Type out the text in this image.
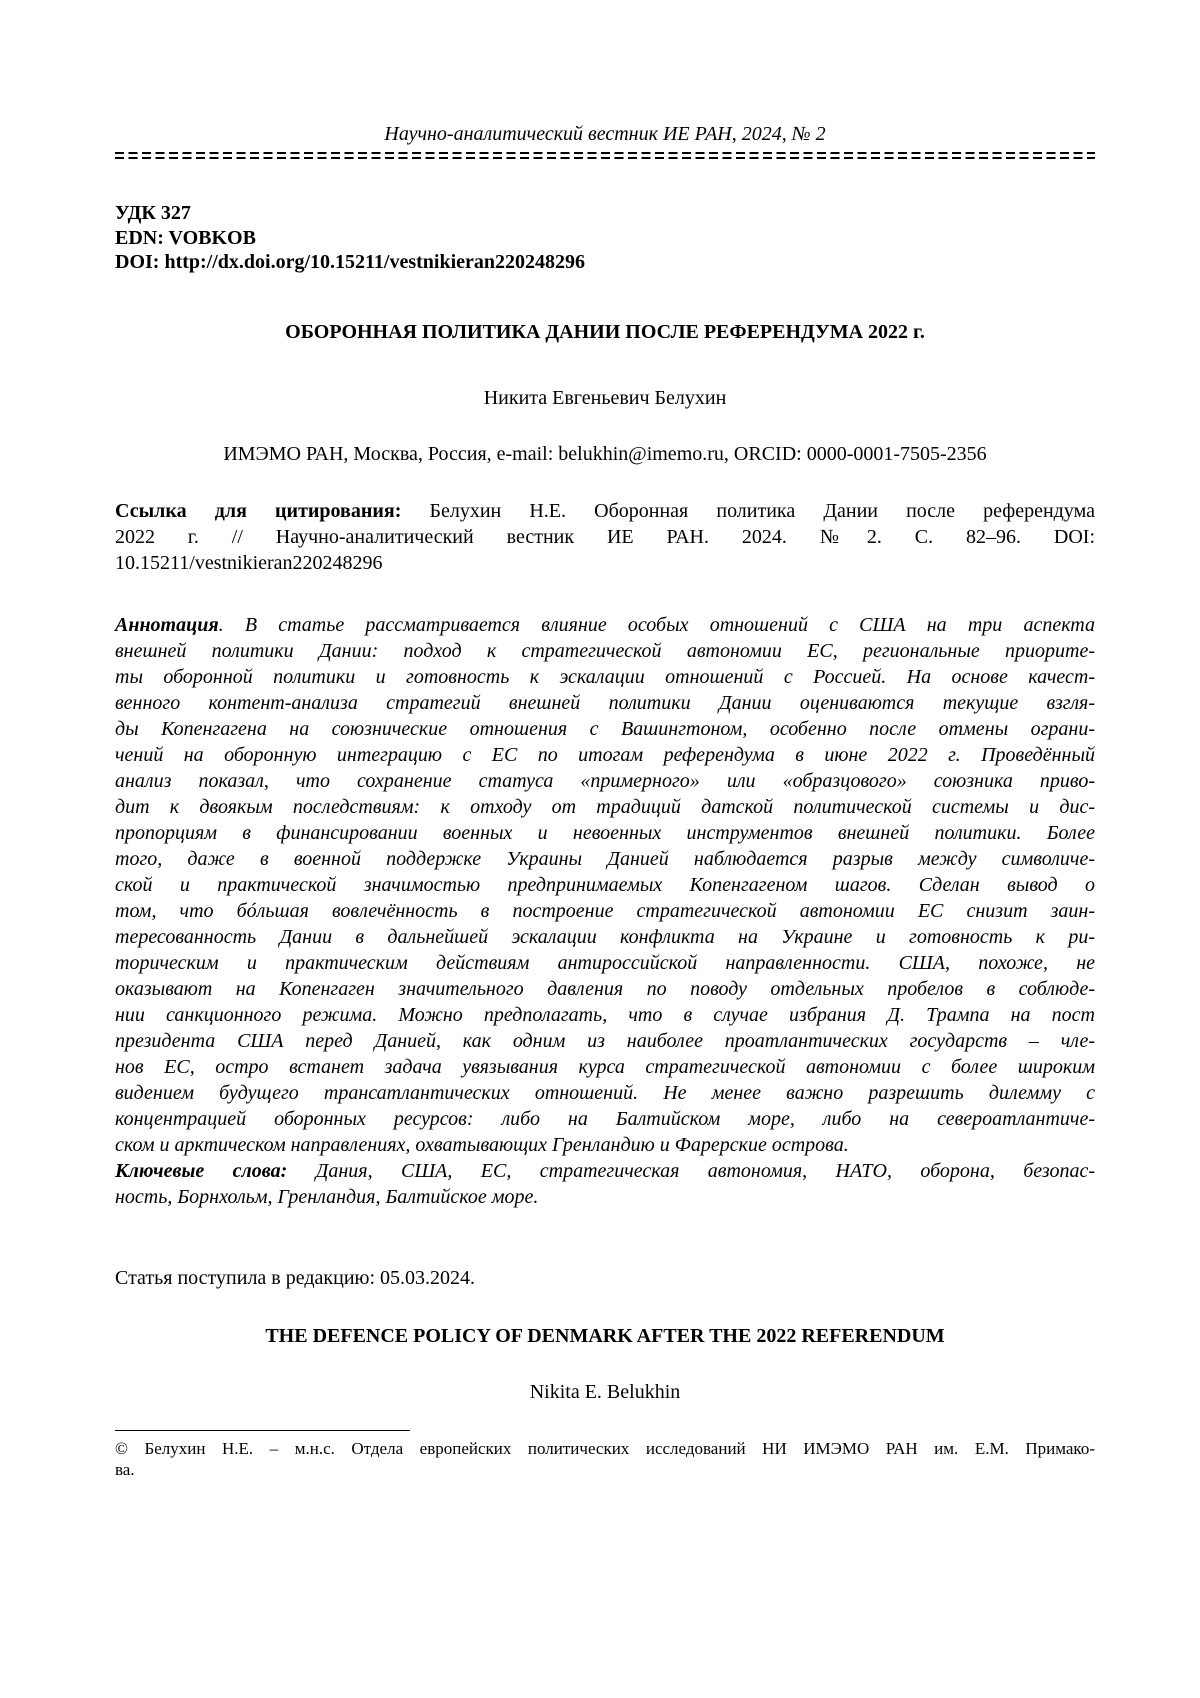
Научно-аналитический вестник ИЕ РАН, 2024, № 2
УДК 327
EDN: VOBKOB
DOI: http://dx.doi.org/10.15211/vestnikieran220248296
ОБОРОННАЯ ПОЛИТИКА ДАНИИ ПОСЛЕ РЕФЕРЕНДУМА 2022 г.
Никита Евгеньевич Белухин
ИМЭМО РАН, Москва, Россия, e-mail: belukhin@imemo.ru, ORCID: 0000-0001-7505-2356
Ссылка для цитирования: Белухин Н.Е. Оборонная политика Дании после референдума
2022 г. // Научно-аналитический вестник ИЕ РАН. 2024. №2. С. 82–96. DOI:
10.15211/vestnikieran220248296
Аннотация. В статье рассматривается влияние особых отношений с США на три аспекта
внешней политики Дании: подход к стратегической автономии ЕС, региональные приорите-
ты оборонной политики и готовность к эскалации отношений с Россией. На основе качест-
венного контент-анализа стратегий внешней политики Дании оцениваются текущие взгля-
ды Копенгагена на союзнические отношения с Вашингтоном, особенно после отмены ограни-
чений на оборонную интеграцию с ЕС по итогам референдума в июне 2022 г. Проведённый
анализ показал, что сохранение статуса «примерного» или «образцового» союзника приво-
дит к двоякым последствиям: к отходу от традиций датской политической системы и дис-
пропорциям в финансировании военных и невоенных инструментов внешней политики. Более
того, даже в военной поддержке Украины Данией наблюдается разрыв между символиче-
ской и практической значимостью предпринимаемых Копенгагеном шагов. Сделан вывод о
том, что бóльшая вовлечённость в построение стратегической автономии ЕС снизит заин-
тересованность Дании в дальнейшей эскалации конфликта на Украине и готовность к ри-
торическим и практическим действиям антироссийской направленности. США, похоже, не
оказывают на Копенгаген значительного давления по поводу отдельных пробелов в соблюде-
нии санкционного режима. Можно предполагать, что в случае избрания Д. Трампа на пост
президента США перед Данией, как одним из наиболее проатлантических государств – чле-
нов ЕС, остро встанет задача увязывания курса стратегической автономии с более широким
видением будущего трансатлантических отношений. Не менее важно разрешить дилемму с
концентрацией оборонных ресурсов: либо на Балтийском море, либо на североатлантиче-
ском и арктическом направлениях, охватывающих Гренландию и Фарерские острова.
Ключевые слова: Дания, США, ЕС, стратегическая автономия, НАТО, оборона, безопас-
ность, Борнхольм, Гренландия, Балтийское море.
Статья поступила в редакцию: 05.03.2024.
THE DEFENCE POLICY OF DENMARK AFTER THE 2022 REFERENDUM
Nikita E. Belukhin
© Белухин Н.Е. – м.н.с. Отдела европейских политических исследований НИ ИМЭМО РАН им. Е.М. Примако-
ва.
